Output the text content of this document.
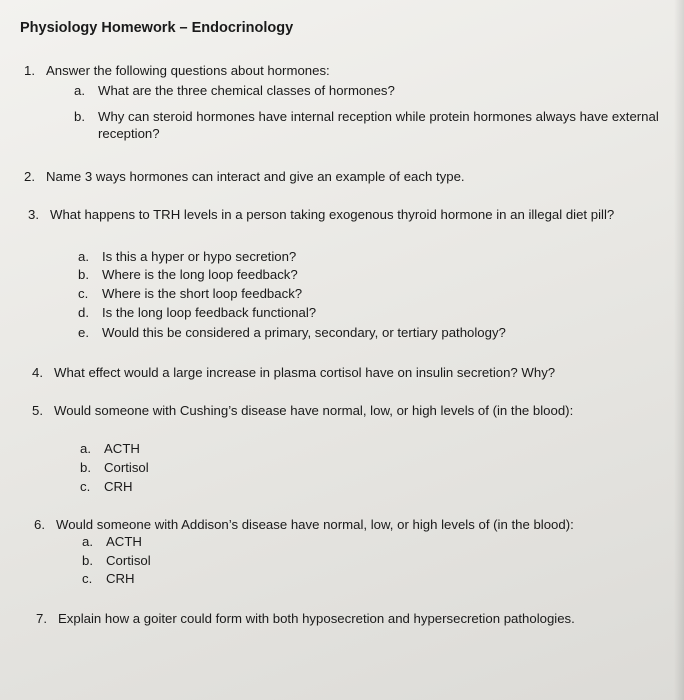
Physiology Homework – Endocrinology
1. Answer the following questions about hormones:
a. What are the three chemical classes of hormones?
b. Why can steroid hormones have internal reception while protein hormones always have external reception?
2. Name 3 ways hormones can interact and give an example of each type.
3. What happens to TRH levels in a person taking exogenous thyroid hormone in an illegal diet pill?
a. Is this a hyper or hypo secretion?
b. Where is the long loop feedback?
c. Where is the short loop feedback?
d. Is the long loop feedback functional?
e. Would this be considered a primary, secondary, or tertiary pathology?
4. What effect would a large increase in plasma cortisol have on insulin secretion? Why?
5. Would someone with Cushing’s disease have normal, low, or high levels of (in the blood):
a. ACTH
b. Cortisol
c. CRH
6. Would someone with Addison’s disease have normal, low, or high levels of (in the blood):
a. ACTH
b. Cortisol
c. CRH
7. Explain how a goiter could form with both hyposecretion and hypersecretion pathologies.
